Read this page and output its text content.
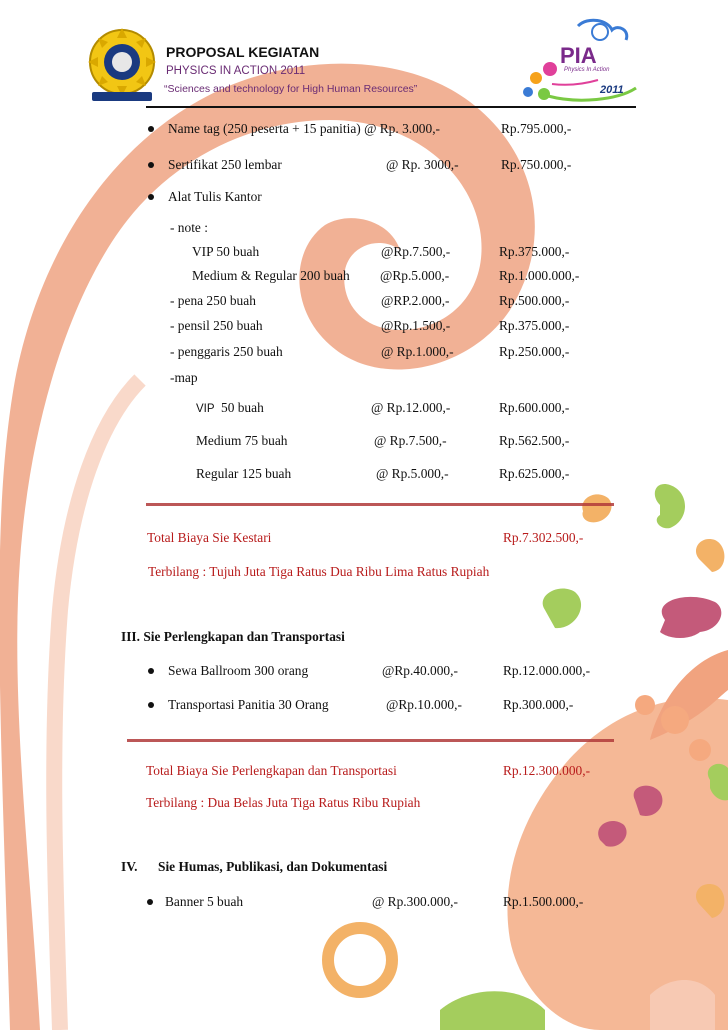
PROPOSAL KEGIATAN
PHYSICS IN ACTION 2011
“Sciences and technology for High Human Resources”
PIA
Physics In Action
2011
Name tag (250 peserta + 15 panitia) @ Rp. 3.000,-	Rp.795.000,-
Sertifikat 250 lembar	@ Rp. 3000,-	Rp.750.000,-
Alat Tulis Kantor
- note :
VIP 50 buah	@Rp.7.500,-	Rp.375.000,-
Medium & Regular 200 buah @Rp.5.000,-	Rp.1.000.000,-
- pena 250 buah	@RP.2.000,-	Rp.500.000,-
- pensil 250 buah	@Rp.1.500,-	Rp.375.000,-
- penggaris 250 buah	@ Rp.1.000,-	Rp.250.000,-
-map
VIP 50 buah	@ Rp.12.000,-	Rp.600.000,-
Medium 75 buah	@ Rp.7.500,-	Rp.562.500,-
Regular 125 buah	@ Rp.5.000,-	Rp.625.000,-
Total Biaya Sie Kestari	Rp.7.302.500,-
Terbilang : Tujuh Juta Tiga Ratus Dua Ribu Lima Ratus Rupiah
III. Sie Perlengkapan dan Transportasi
Sewa Ballroom 300 orang	@Rp.40.000,-	Rp.12.000.000,-
Transportasi Panitia 30 Orang	@Rp.10.000,-	Rp.300.000,-
Total Biaya Sie Perlengkapan dan Transportasi	Rp.12.300.000,-
Terbilang : Dua Belas Juta Tiga Ratus Ribu Rupiah
IV. Sie Humas, Publikasi, dan Dokumentasi
Banner 5 buah	@ Rp.300.000,-	Rp.1.500.000,-
